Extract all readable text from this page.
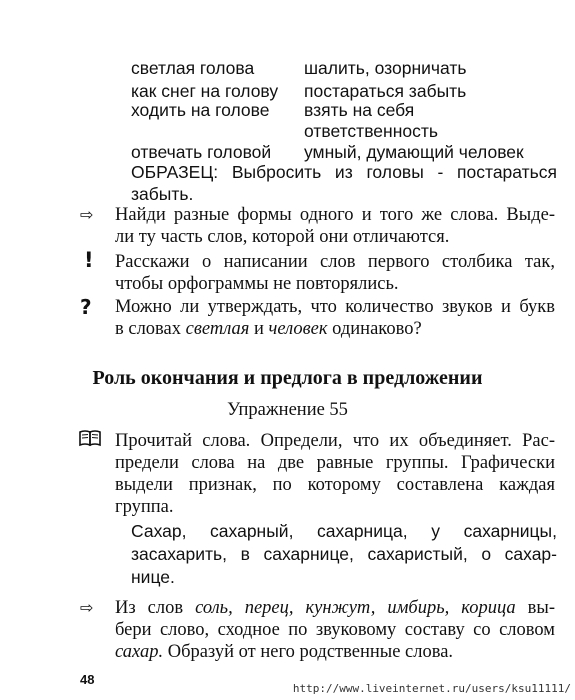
светлая голова	шалить, озорничать
как снег на голову постараться забыть
ходить на голове взять на себя
ответственность
отвечать головой умный, думающий человек
ОБРАЗЕЦ: Выбросить из головы - постараться
забыть.
⇨ Найди разные формы одного и того же слова. Выде-
ли ту часть слов, которой они отличаются.
! Расскажи о написании слов первого столбика так,
чтобы орфограммы не повторялись.
? Можно ли утверждать, что количество звуков и букв
в словах светлая и человек одинаково?
Роль окончания и предлога в предложении
Упражнение 55
Прочитай слова. Определи, что их объединяет. Рас-
предели слова на две равные группы. Графически
выдели признак, по которому составлена каждая
группа.
Сахар, сахарный, сахарница, у сахарницы,
засахарить, в сахарнице, сахаристый, о сахар-
нице.
⇨ Из слов соль, перец, кунжут, имбирь, корица вы-
бери слово, сходное по звуковому составу со словом
сахар. Образуй от него родственные слова.
48
http://www.liveinternet.ru/users/ksu11111/
